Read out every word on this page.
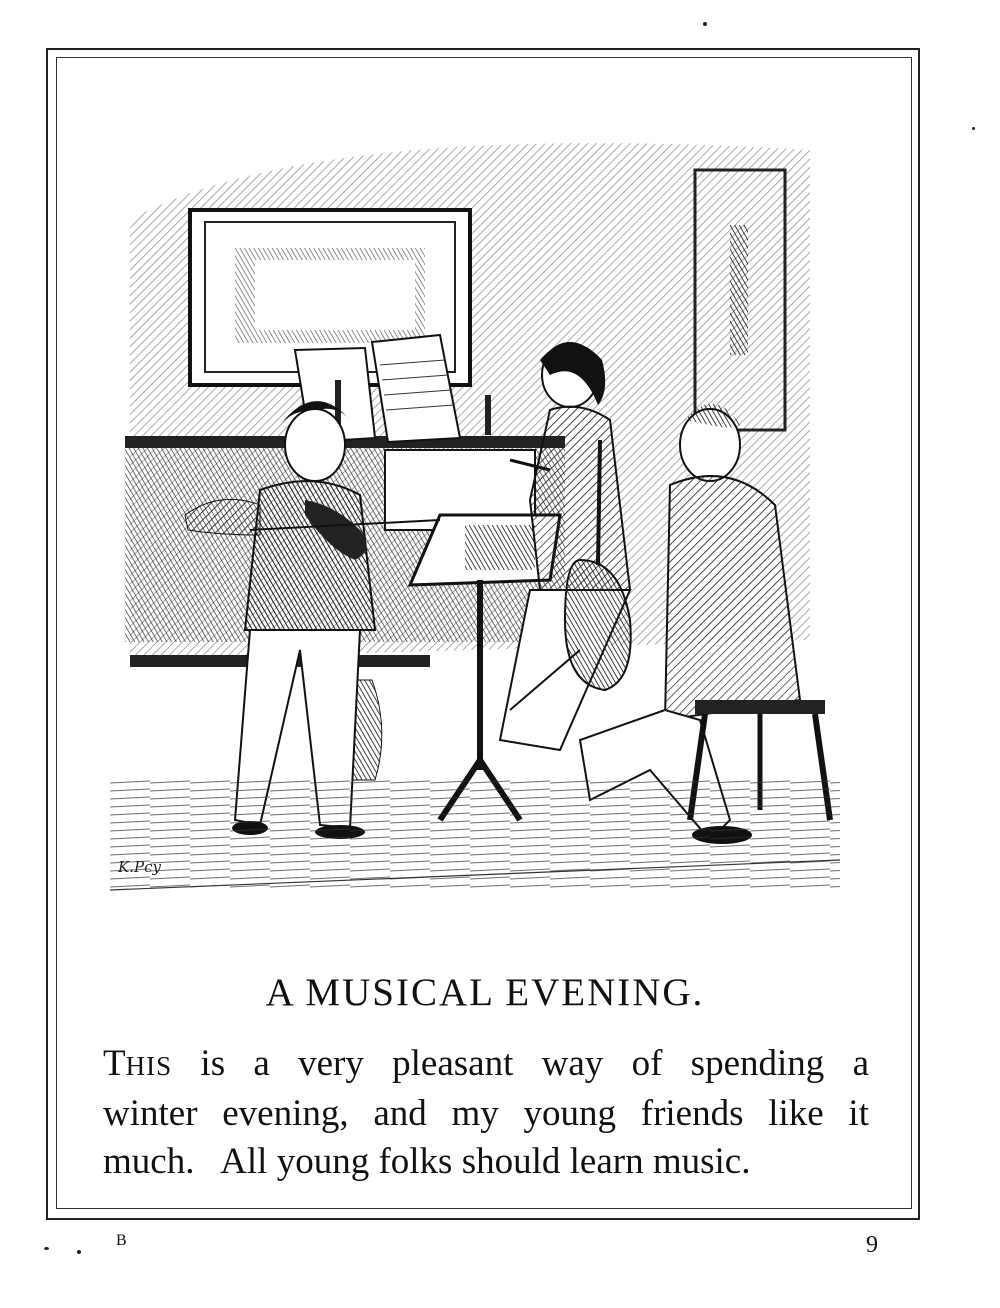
K.Pcy
A MUSICAL EVENING.

THIS is a very pleasant way of spending a
winter evening, and my young friends like it
much.   All young folks should learn music.

B	9
